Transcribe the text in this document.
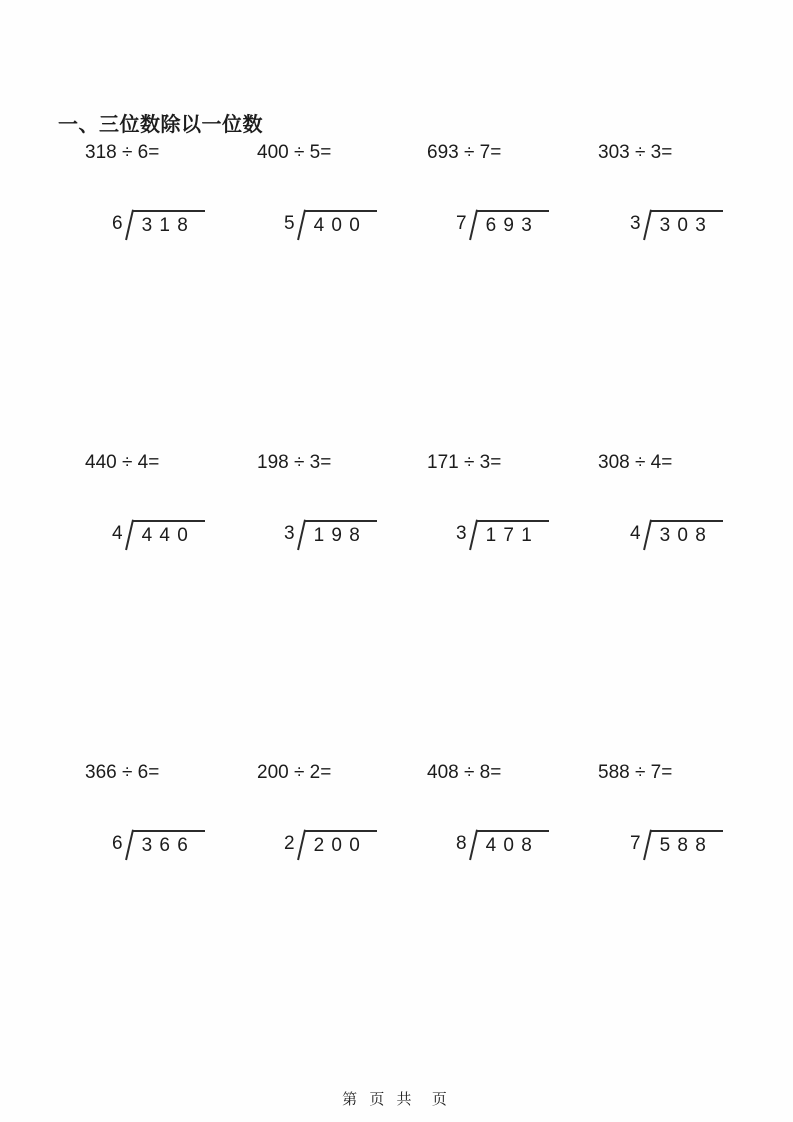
一、三位数除以一位数
318 ÷ 6=	400 ÷ 5=	693 ÷ 7=	303 ÷ 3=
6	3 1 8	5	4 0 0	7	6 9 3	3	3 0 3
440 ÷ 4=	198 ÷ 3=	171 ÷ 3=	308 ÷ 4=
4	4 4 0	3	1 9 8	3	1 7 1	4	3 0 8
366 ÷ 6=	200 ÷ 2=	408 ÷ 8=	588 ÷ 7=
6	3 6 6	2	2 0 0	8	4 0 8	7	5 8 8
第 页 共  页
